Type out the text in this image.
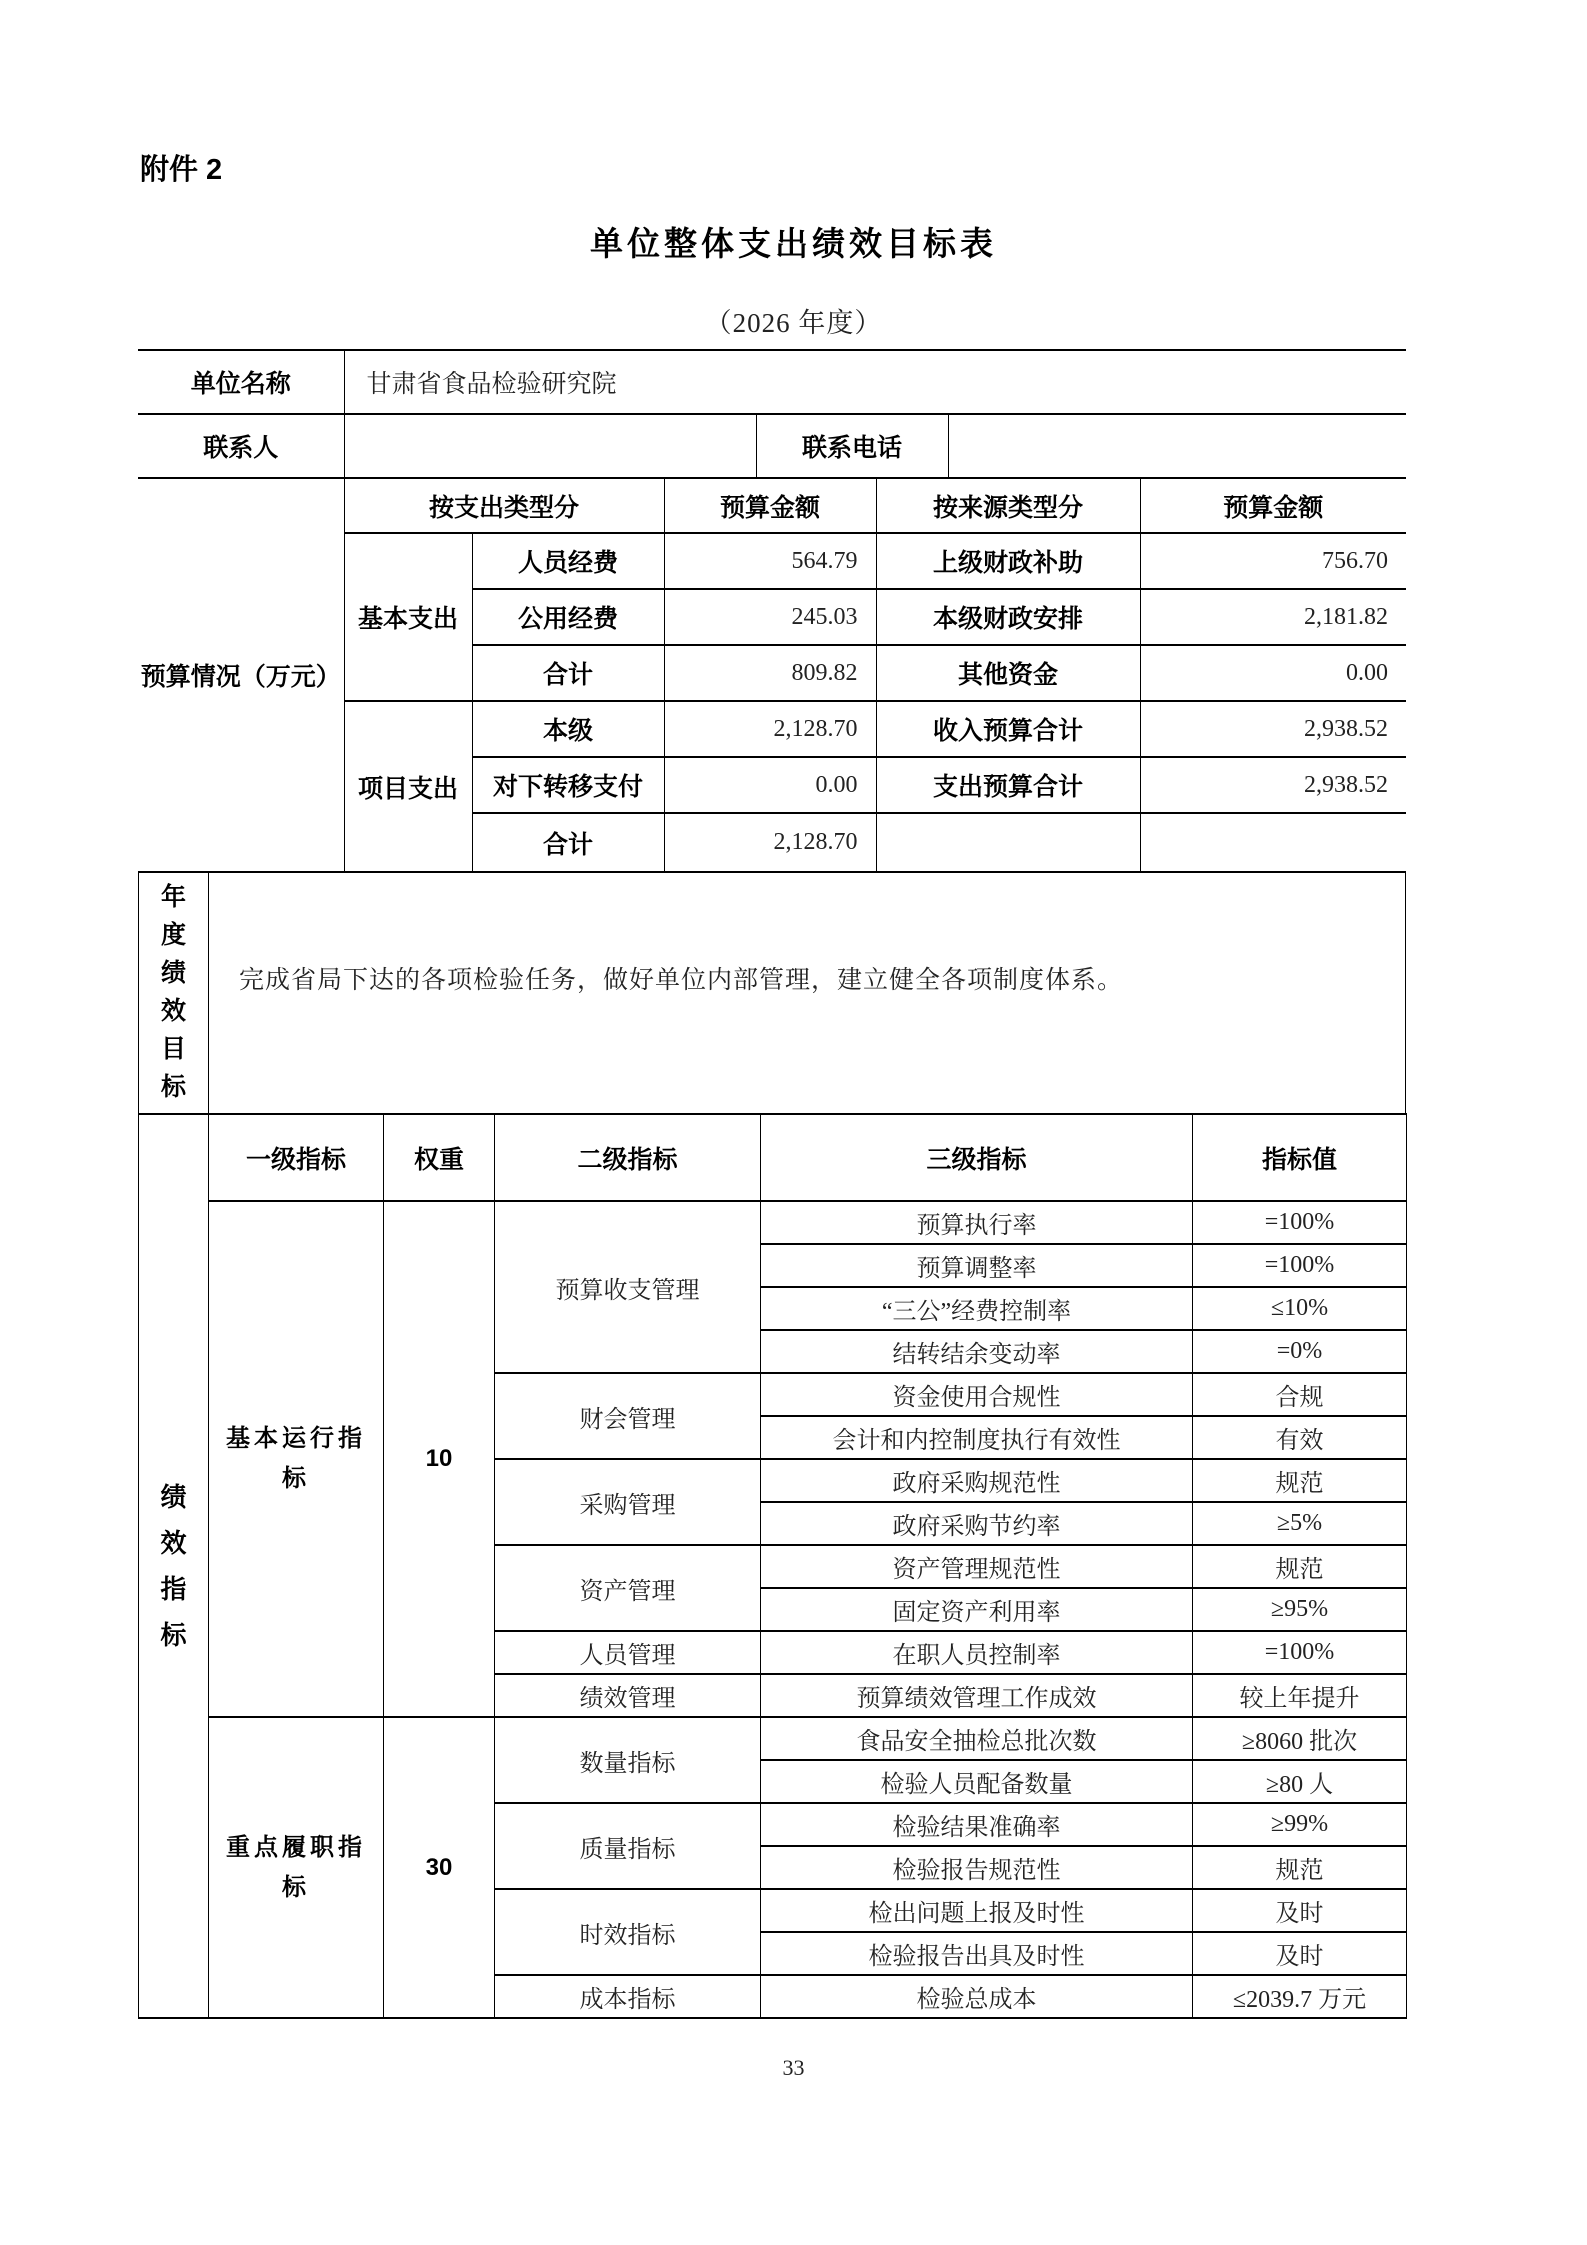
附件 2
单位整体支出绩效目标表
（2026 年度）
单位名称	甘肃省食品检验研究院		
联系人		联系电话	
预算情况（万元）	按支出类型分		预算金额	按来源类型分	预算金额
	基本支出	人员经费	564.79	上级财政补助	756.70
		公用经费	245.03	本级财政安排	2,181.82
		合计	809.82	其他资金	0.00
	项目支出	本级	2,128.70	收入预算合计	2,938.52
		对下转移支付	0.00	支出预算合计	2,938.52
		合计	2,128.70		
年度绩效目标
完成省局下达的各项检验任务，做好单位内部管理，建立健全各项制度体系。
绩效指标	一级指标	权重	二级指标	三级指标	指标值
	基本运行指标	10	预算收支管理	预算执行率	=100%
				预算调整率	=100%
				“三公”经费控制率	≤10%
				结转结余变动率	=0%
			财会管理	资金使用合规性	合规
				会计和内控制度执行有效性	有效
			采购管理	政府采购规范性	规范
				政府采购节约率	≥5%
			资产管理	资产管理规范性	规范
				固定资产利用率	≥95%
			人员管理	在职人员控制率	=100%
			绩效管理	预算绩效管理工作成效	较上年提升
	重点履职指标	30	数量指标	食品安全抽检总批次数	≥8060 批次
				检验人员配备数量	≥80 人
			质量指标	检验结果准确率	≥99%
				检验报告规范性	规范
			时效指标	检出问题上报及时性	及时
				检验报告出具及时性	及时
			成本指标	检验总成本	≤2039.7 万元
33
